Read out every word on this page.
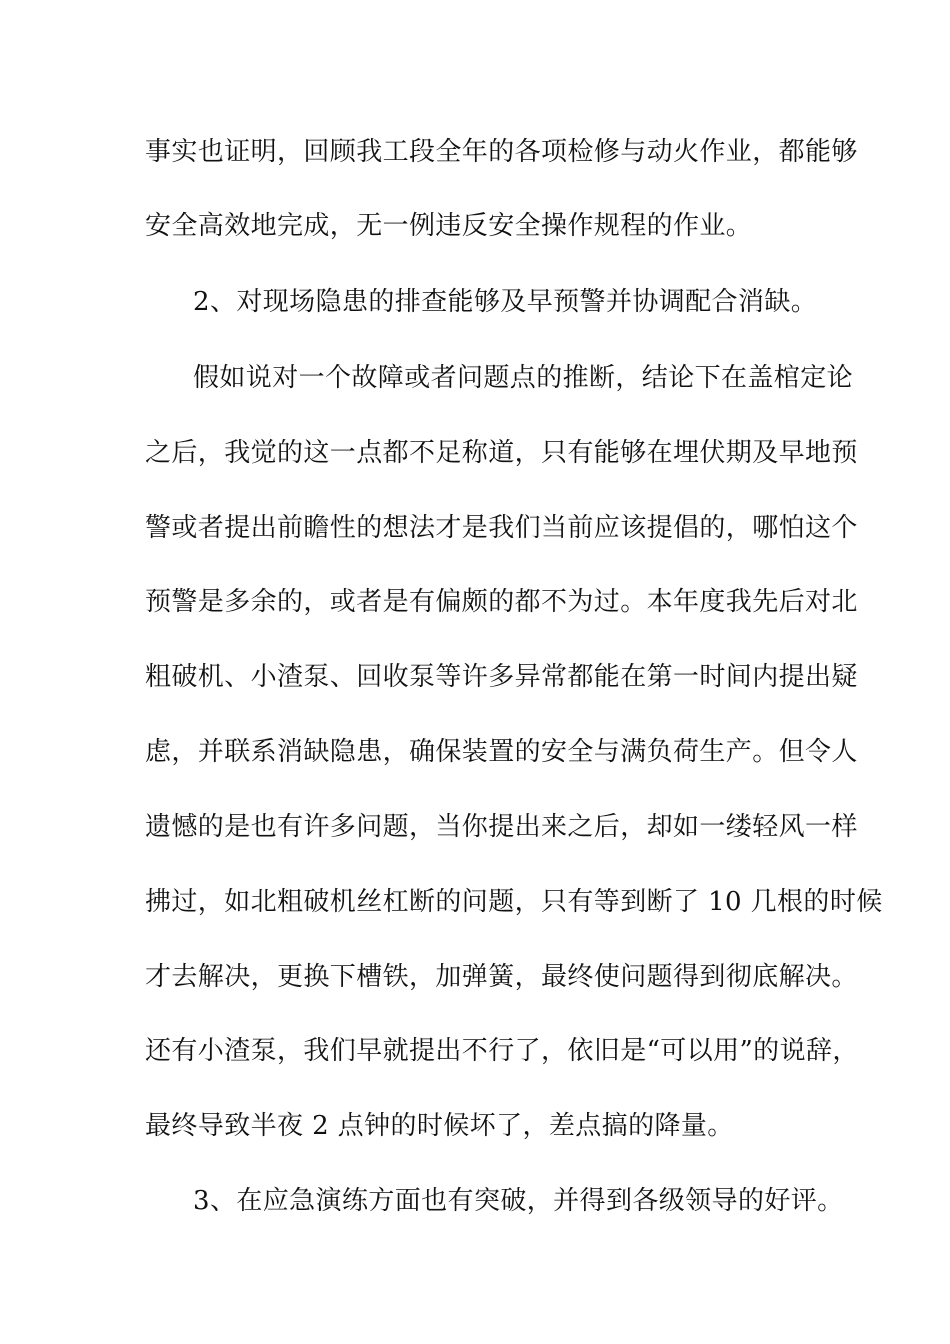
事实也证明，回顾我工段全年的各项检修与动火作业，都能够
安全高效地完成，无一例违反安全操作规程的作业。
2、对现场隐患的排查能够及早预警并协调配合消缺。
假如说对一个故障或者问题点的推断，结论下在盖棺定论
之后，我觉的这一点都不足称道，只有能够在埋伏期及早地预
警或者提出前瞻性的想法才是我们当前应该提倡的，哪怕这个
预警是多余的，或者是有偏颇的都不为过。本年度我先后对北
粗破机、小渣泵、回收泵等许多异常都能在第一时间内提出疑
虑，并联系消缺隐患，确保装置的安全与满负荷生产。但令人
遗憾的是也有许多问题，当你提出来之后，却如一缕轻风一样
拂过，如北粗破机丝杠断的问题，只有等到断了 10 几根的时候
才去解决，更换下槽铁，加弹簧，最终使问题得到彻底解决。
还有小渣泵，我们早就提出不行了，依旧是“可以用”的说辞，
最终导致半夜 2 点钟的时候坏了，差点搞的降量。
3、在应急演练方面也有突破，并得到各级领导的好评。
